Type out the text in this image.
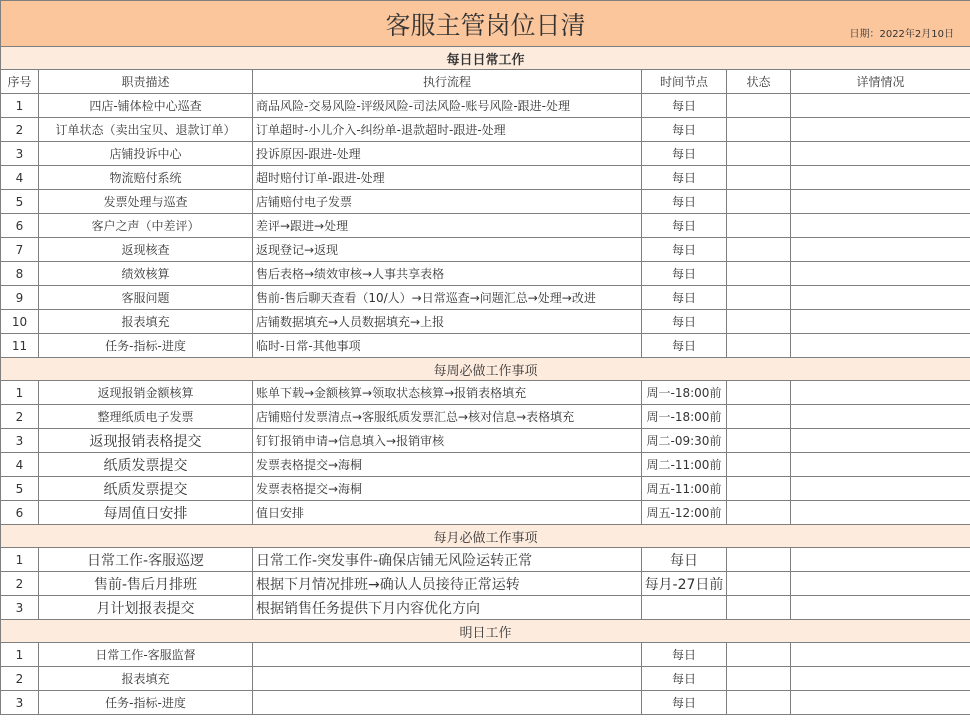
客服主管岗位日清 日期：2022年2月10日					

每日日常工作					
序号	职责描述	执行流程	时间节点	状态	详情情况
1	四店-铺体检中心巡查	商品风险-交易风险-评级风险-司法风险-账号风险-跟进-处理	每日		
2	订单状态（卖出宝贝、退款订单）	订单超时-小儿介入-纠纷单-退款超时-跟进-处理	每日		
3	店铺投诉中心	投诉原因-跟进-处理	每日		
4	物流赔付系统	超时赔付订单-跟进-处理	每日		
5	发票处理与巡查	店铺赔付电子发票	每日		
6	客户之声（中差评）	差评→跟进→处理	每日		
7	返现核查	返现登记→返现	每日		
8	绩效核算	售后表格→绩效审核→人事共享表格	每日		
9	客服问题	售前-售后聊天查看（10/人）→日常巡查→问题汇总→处理→改进	每日		
10	报表填充	店铺数据填充→人员数据填充→上报	每日		
11	任务-指标-进度	临时-日常-其他事项	每日		
每周必做工作事项					
1	返现报销金额核算	账单下载→金额核算→领取状态核算→报销表格填充	周一-18:00前		
2	整理纸质电子发票	店铺赔付发票清点→客服纸质发票汇总→核对信息→表格填充	周一-18:00前		
3	返现报销表格提交	钉钉报销申请→信息填入→报销审核	周二-09:30前		
4	纸质发票提交	发票表格提交→海桐	周二-11:00前		
5	纸质发票提交	发票表格提交→海桐	周五-11:00前		
6	每周值日安排	值日安排	周五-12:00前		
每月必做工作事项					
1	日常工作-客服巡逻	日常工作-突发事件-确保店铺无风险运转正常	每日		
2	售前-售后月排班	根据下月情况排班→确认人员接待正常运转	每月-27日前		
3	月计划报表提交	根据销售任务提供下月内容优化方向			
明日工作					
1	日常工作-客服监督		每日		
2	报表填充		每日		
3	任务-指标-进度		每日		
